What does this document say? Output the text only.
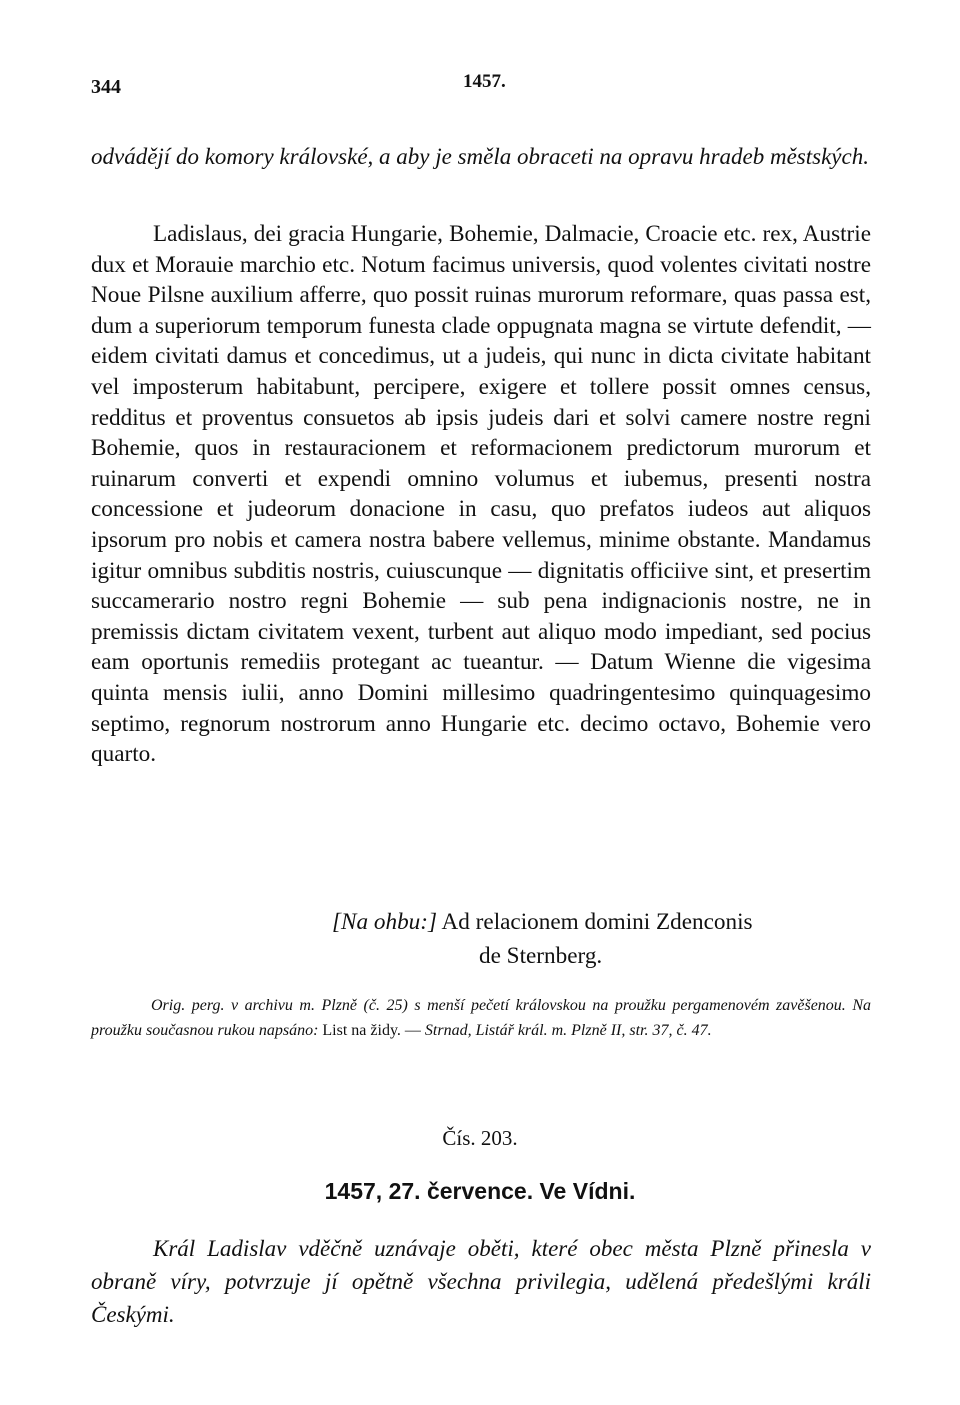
344	1457.
odvádějí do komory královské, a aby je směla obraceti na opravu hradeb městských.

Ladislaus, dei gracia Hungarie, Bohemie, Dalmacie, Croacie etc. rex, Austrie dux et Morauie marchio etc. Notum facimus universis, quod volentes civitati nostre Noue Pilsne auxilium afferre, quo possit ruinas murorum reformare, quas passa est, dum a superiorum temporum funesta clade oppugnata magna se virtute defendit, — eidem civitati damus et concedimus, ut a judeis, qui nunc in dicta civitate habitant vel imposterum habitabunt, percipere, exigere et tollere possit omnes census, redditus et proventus consuetos ab ipsis judeis dari et solvi camere nostre regni Bohemie, quos in restauracionem et reformacionem predictorum murorum et ruinarum converti et expendi omnino volumus et iubemus, presenti nostra concessione et judeorum donacione in casu, quo prefatos iudeos aut aliquos ipsorum pro nobis et camera nostra babere vellemus, minime obstante. Mandamus igitur omnibus subditis nostris, cuiuscunque — dignitatis officiive sint, et presertim succamerario nostro regni Bohemie — sub pena indignacionis nostre, ne in premissis dictam civitatem vexent, turbent aut aliquo modo impediant, sed pocius eam oportunis remediis protegant ac tueantur. — Datum Wienne die vigesima quinta mensis iulii, anno Domini millesimo quadringentesimo quinquagesimo septimo, regnorum nostrorum anno Hungarie etc. decimo octavo, Bohemie vero quarto.

[Na ohbu:] Ad relacionem domini Zdenconis
de Sternberg.

Orig. perg. v archivu m. Plzně (č. 25) s menší pečetí královskou na proužku pergamenovém zavěšenou. Na proužku současnou rukou napsáno: List na židy. — Strnad, Listář král. m. Plzně II, str. 37, č. 47.

Čís. 203.
1457, 27. července. Ve Vídni.

Král Ladislav vděčně uznávaje oběti, které obec města Plzně přinesla v obraně víry, potvrzuje jí opětně všechna privilegia, udělená předešlými králi Českými.
